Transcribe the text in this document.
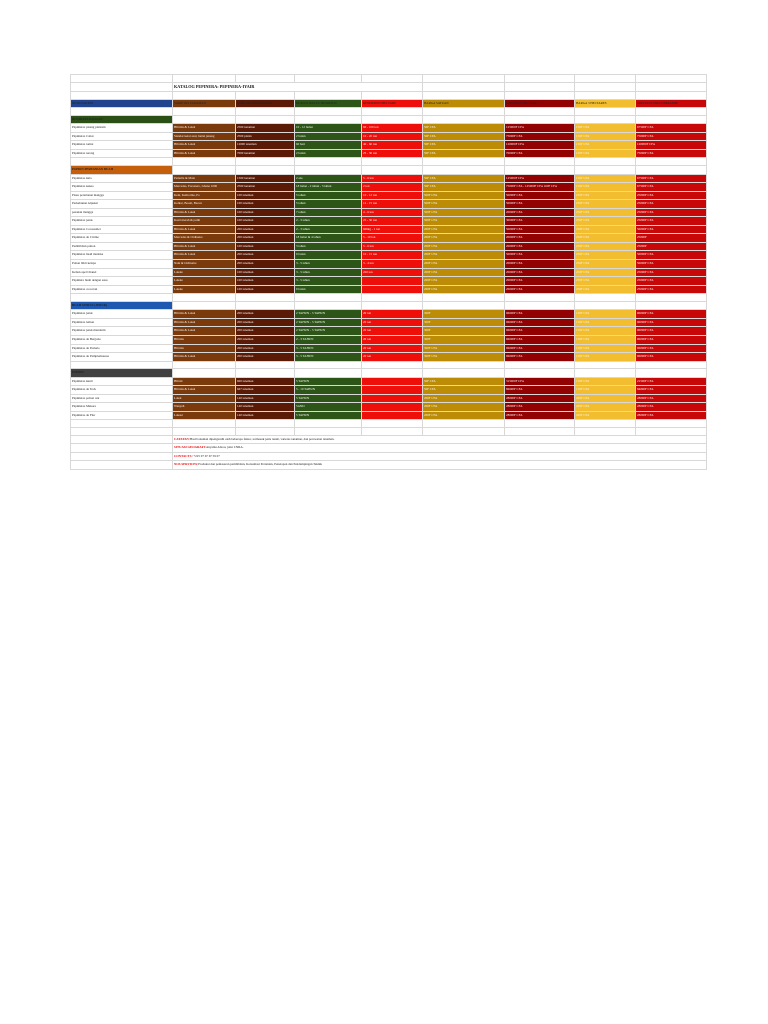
	KATALOG PEPINERA: PEPINERA-IYAIR							

DESIGNATION	VARIETAS TANAMAN	JUMLAH TANAMAN/HA	DURASI SIKLUS PRODUKSI	RENDEMEN/HECTARE	HARGA SATUAN	MONTANT HECTARE	HARGA 3 HECTARES	MONTANT PRECOMMANDE

BUDIDAYA PANGAN								
Pépinières pisang plantain	Hibrida & Lokal	2500 tanaman	10 - 12 bulan	60 - 100 ton	50F CFA	125000F CFA	150F CFA	67500F CFA
Pépinières Cabai	Standar ketat asal, lantai jenang	2500 plants	2 bulan	10 - 20 ton	50F CFA	75000F CFA	150F CFA	75000F CFA
Pépinières tomat	Hibrida & Lokal	12000 tanaman	60 hari	40 - 60 ton	50F CFA	120000F CFA	150F CFA	120000F CFA
Pépinières terong	Hibrida & Lokal	7000 tanaman	2 bulan	25 - 30 ton	50F CFA	70000F CFA	150F CFA	75000F CFA

POHON PERTANIAN BUAH								
Pépinières kula	Pemella & Mala	1500 tanaman	2 ans	5 - 6 ton	50F CFA	125000F CFA	150F CFA	67500F CFA
Pépinières kakao	Mercedes, Forastero, Ghana 1000	2500 tanaman	18 bulan - 2 tahun - 3 tahun	2 ton	50F CFA	75000F CFA - 125000F CFA 160F CFA	150F CFA	67500F CFA
Pisau pertelanan mangga	Kent, Keittorma, Pa	100 tanaman	5 tahun	10 - 12 ton	500F CFA	50000F CFA	250F CFA	25000F CFA
Perkebunan Alpukat	Kolkar, Boom, Bacon	100 tanaman	5 tahun	12 - 15 ton	500F CFA	50000F CFA	250F CFA	25000F CFA
pesanan mangga	Hibrida & Lokal	100 tanaman	7 tahun	4 - 6 ton	500F CFA	20000F CFA	250F CFA	25000F CFA
Pépinières jeruk	Kastt merah & putih	100 tanaman	2 - 3 tahun	25 - 30 ton	500F CFA	30000F CFA	250F CFA	25000F CFA
Pépinières Corossolier	Hibrida & Lokal	200 tanaman	2 - 3 tahun	600kg - 1 ton	200F CFA	50000F CFA	250F CFA	50000F CFA
Pépinières de Citrine	Mercades & Ordinaire	200 tanaman	18 bulan & 4 tahun	5 - 10 ton	200F CFA	20000F CFA	250F CFA	25000F
Pembibitan pohon	Hibrida & Lokal	100 tanaman	3 tahun	5 - 6 ton	200F CFA	20000F CFA	250F CFA	25000F
Pépinières buah markisa	Hibrida & Lokal	200 tanaman	9 bulan	10 - 15 ton	200F CFA	50000F CFA	250F CFA	50000F CFA
Pohon bibit kelapa	Nain & Ordinaire	200 tanaman	3 - 5 tahun	3 - 4 ton	200F CFA	20000F CFA	250F CFA	50000F CFA
Kebun apel Chanel	Lokale	100 tanaman	3 - 5 tahun	200 ton	200F CFA	20000F CFA	250F CFA	25000F CFA
Pépinière buah dengan susu	Lokale	100 tanaman	3 - 5 tahun		200F CFA	20000F CFA	250F CFA	25000F CFA
Pépinières cocorran	Lokale	100 tanaman	9 bulan		200F CFA	20000F CFA	250F CFA	25000F CFA

BUAH SITRUS (JERUK)								
Pépinières jeruk	Hibrida & Lokal	200 tanaman	2 TAHUN - 3 TAHUN	20 ton	300F	96000F CFA	150F CFA	90000F CFA
Pépinières lemon	Hibrida & Lokal	200 tanaman	2 TAHUN - 3 TAHUN	20 ton	300F	96000F CFA	150F CFA	90000F CFA
Pépinières jeruk mandarin	Hibrida & Lokal	200 tanaman	2 TAHUN - 3 TAHUN	20 ton	300F	96000F CFA	150F CFA	90000F CFA
Pépinières de Bergotte	Hibrida	200 tanaman	2 - 3 TAHUN	20 ton	300F	96000F CFA	150F CFA	90000F CFA
Pépinières de Pomelo	Hibrida	200 tanaman	3 - 5 TAHUN	20 ton	300F CFA	96000F CFA	150F CFA	90000F CFA
Pépinières de Pamplemousse	Hibrida & Lokal	200 tanaman	3 - 5 TAHUN	20 ton	300F CFA	96000F CFA	150F CFA	90000F CFA

POHON								
Pépinières kunit	Hibrid	600 tanaman	5 TAHUN		50F CFA	315000F CFA	150F CFA	21500F CFA
Pépinières de Teck	Hibrida & Lokal	667 tanaman	5 - 10 TAHUN		50F CFA	86690F CFA	150F CFA	84690F CFA
Pépinières pohon cek	Lokal	140 tanaman	5 TAHUN		200F CFA	28000F CFA	200F CFA	28000F CFA
Pépinières Makore	Wanyeh	140 tanaman	5AND		200F CFA	28000F CFA	200F CFA	28000F CFA
Pépinières de Flur	Lokasi	140 tanaman	5 TAHUN		200F CFA	28000F CFA	200F CFA	28000F CFA

	CATATAN:Hasil tanaman dipengaruhi oleh beberapa faktor, termasuk jenis tanah, varietas tanaman, dan perawatan tanaman.							
	SITUASI GEOGRAFI:Anyama Abrou, jalur CNRA.							
	CONTACTS :+225 07 67 67 59 07							
	NOS SERVICES:Produksi dan pemasaran pembibitan, Konsultasi Pertanian, Penetapan dan Pendampingan Teknik							
